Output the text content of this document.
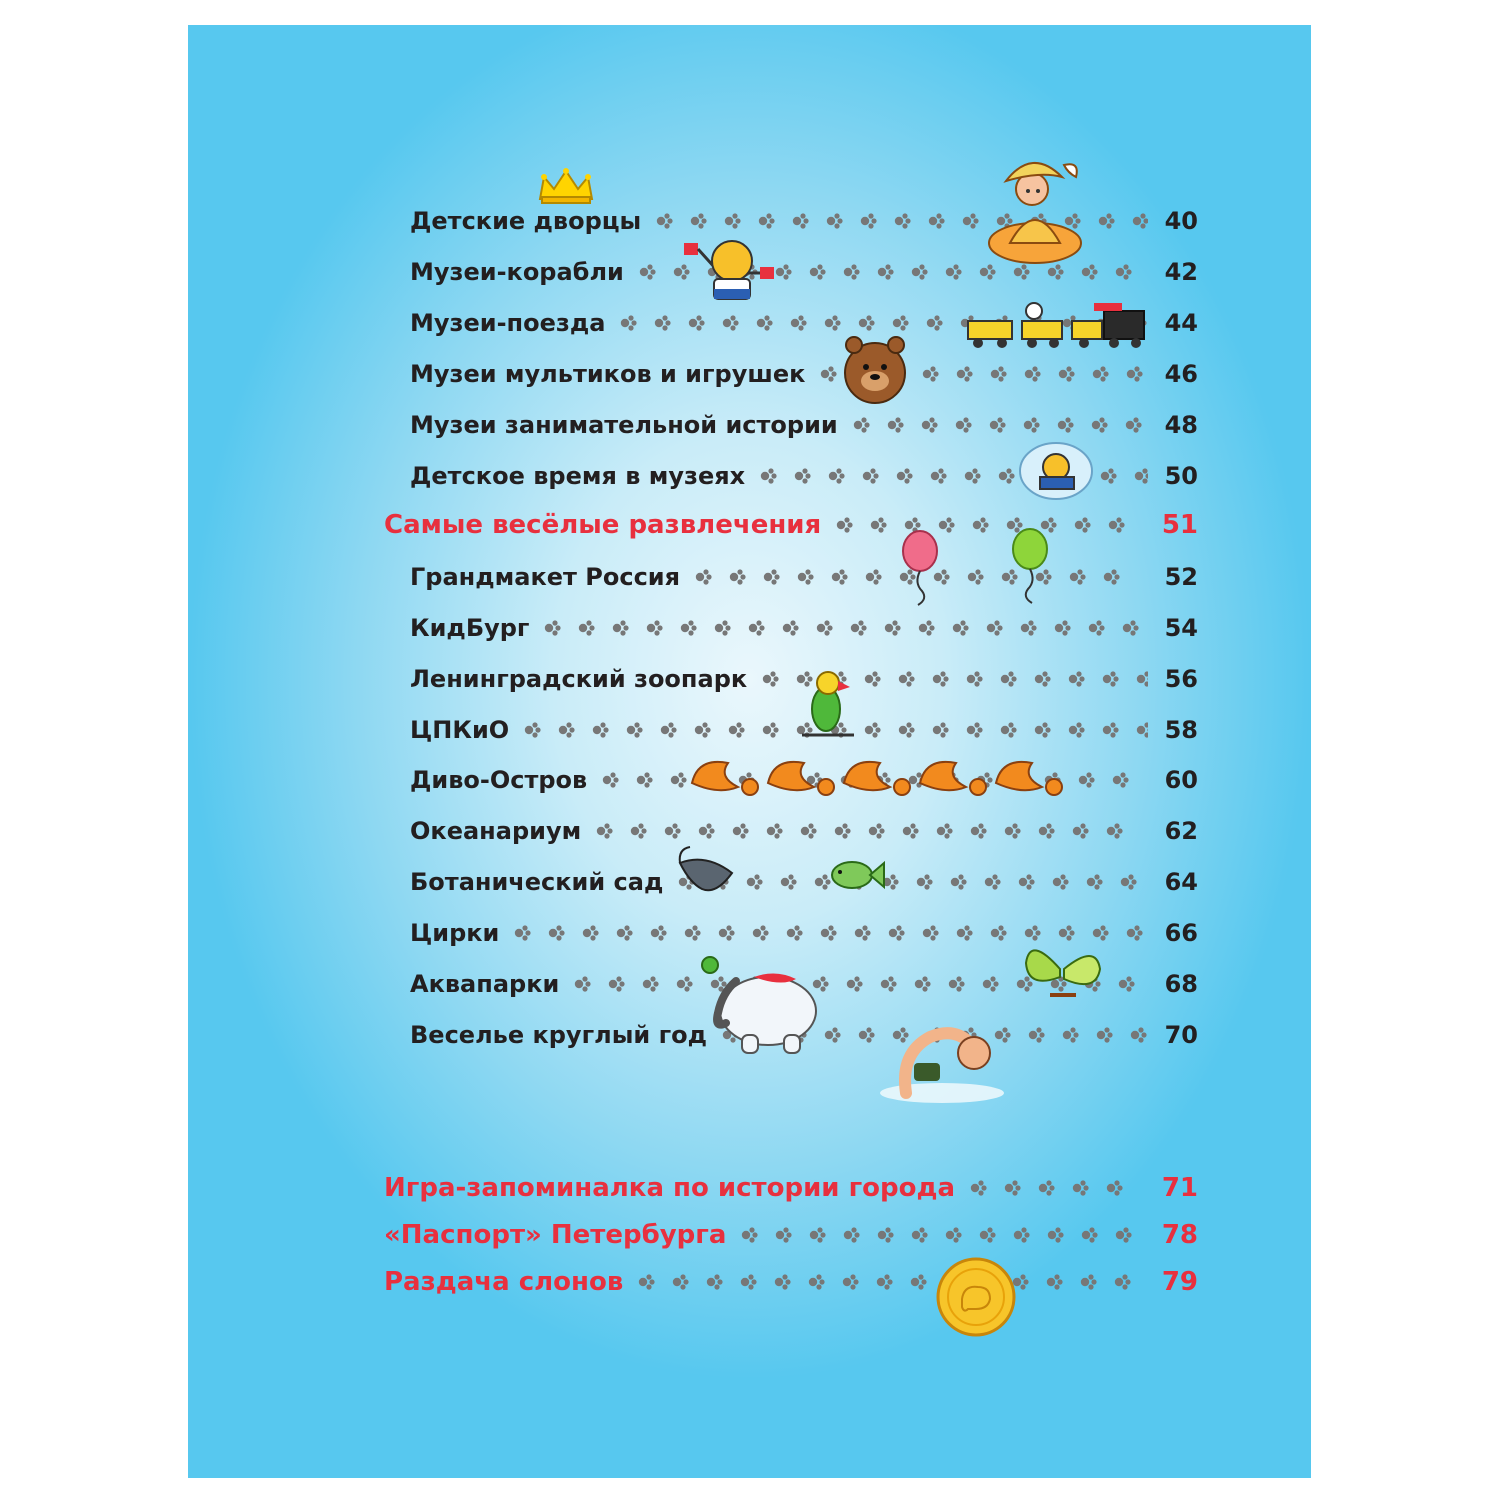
Детские дворцы	40
Музеи-корабли	42
Музеи-поезда	44
Музеи мультиков и игрушек	46
Музеи занимательной истории	48
Детское время в музеях	50
Самые весёлые развлечения	51
Грандмакет Россия	52
КидБург	54
Ленинградский зоопарк	56
ЦПКиО	58
Диво-Остров	60
Океанариум	62
Ботанический сад	64
Цирки	66
Аквапарки	68
Веселье круглый год	70
Игра-запоминалка по истории города	71
«Паспорт» Петербурга	78
Раздача слонов	79
